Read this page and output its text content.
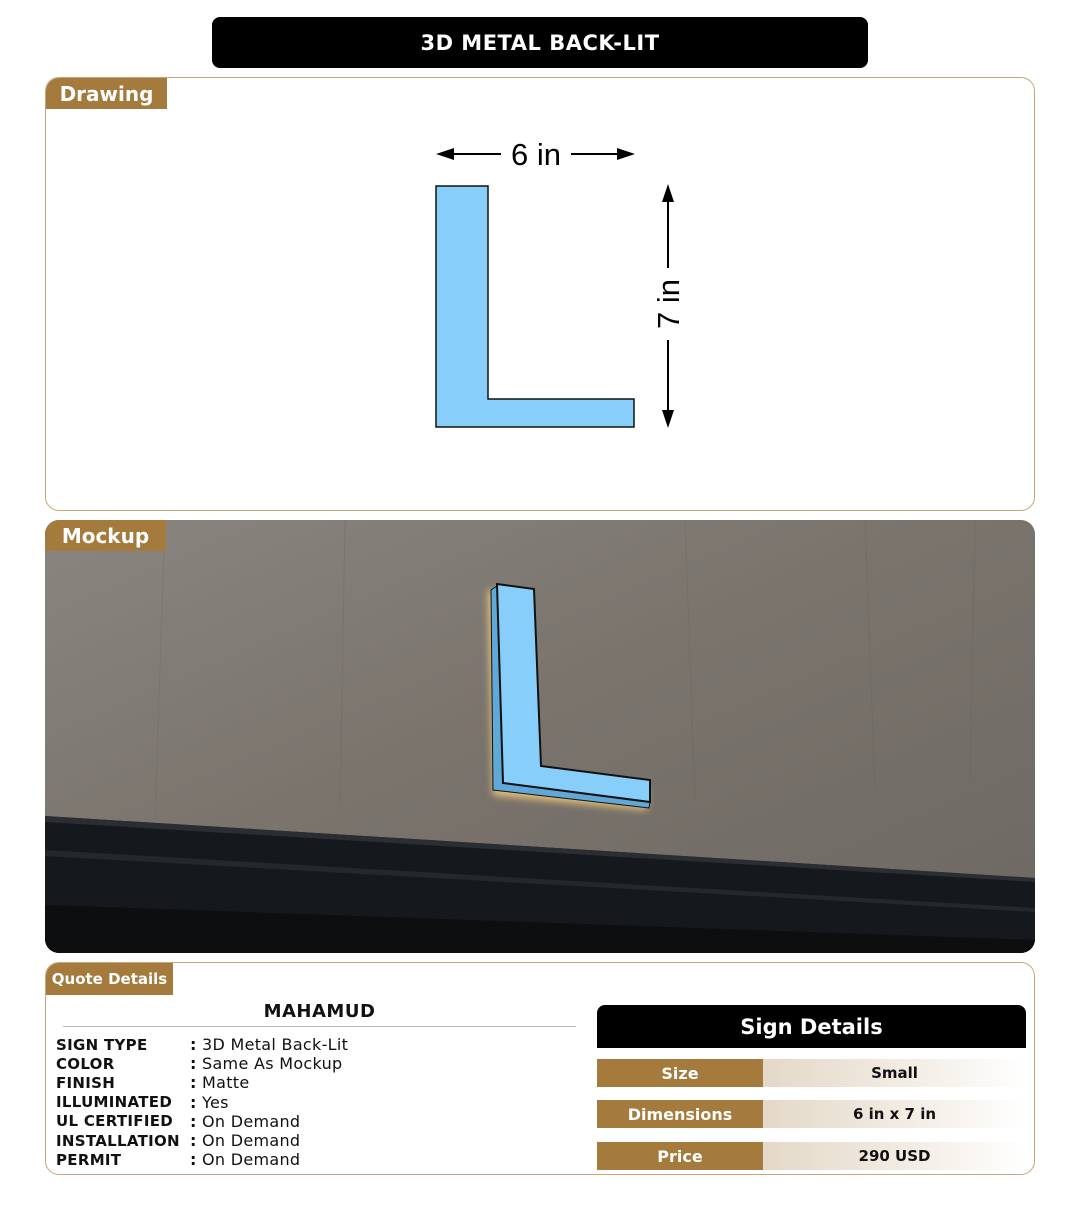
3D METAL BACK-LIT
Drawing
6 in
7 in
Mockup
Quote Details
MAHAMUD
SIGN TYPE	: 3D Metal Back-Lit
COLOR	: Same As Mockup
FINISH	: Matte
ILLUMINATED	: Yes
UL CERTIFIED	: On Demand
INSTALLATION : On Demand
PERMIT	: On Demand
Sign Details
Size	Small
Dimensions	6 in x 7 in
Price	290 USD
